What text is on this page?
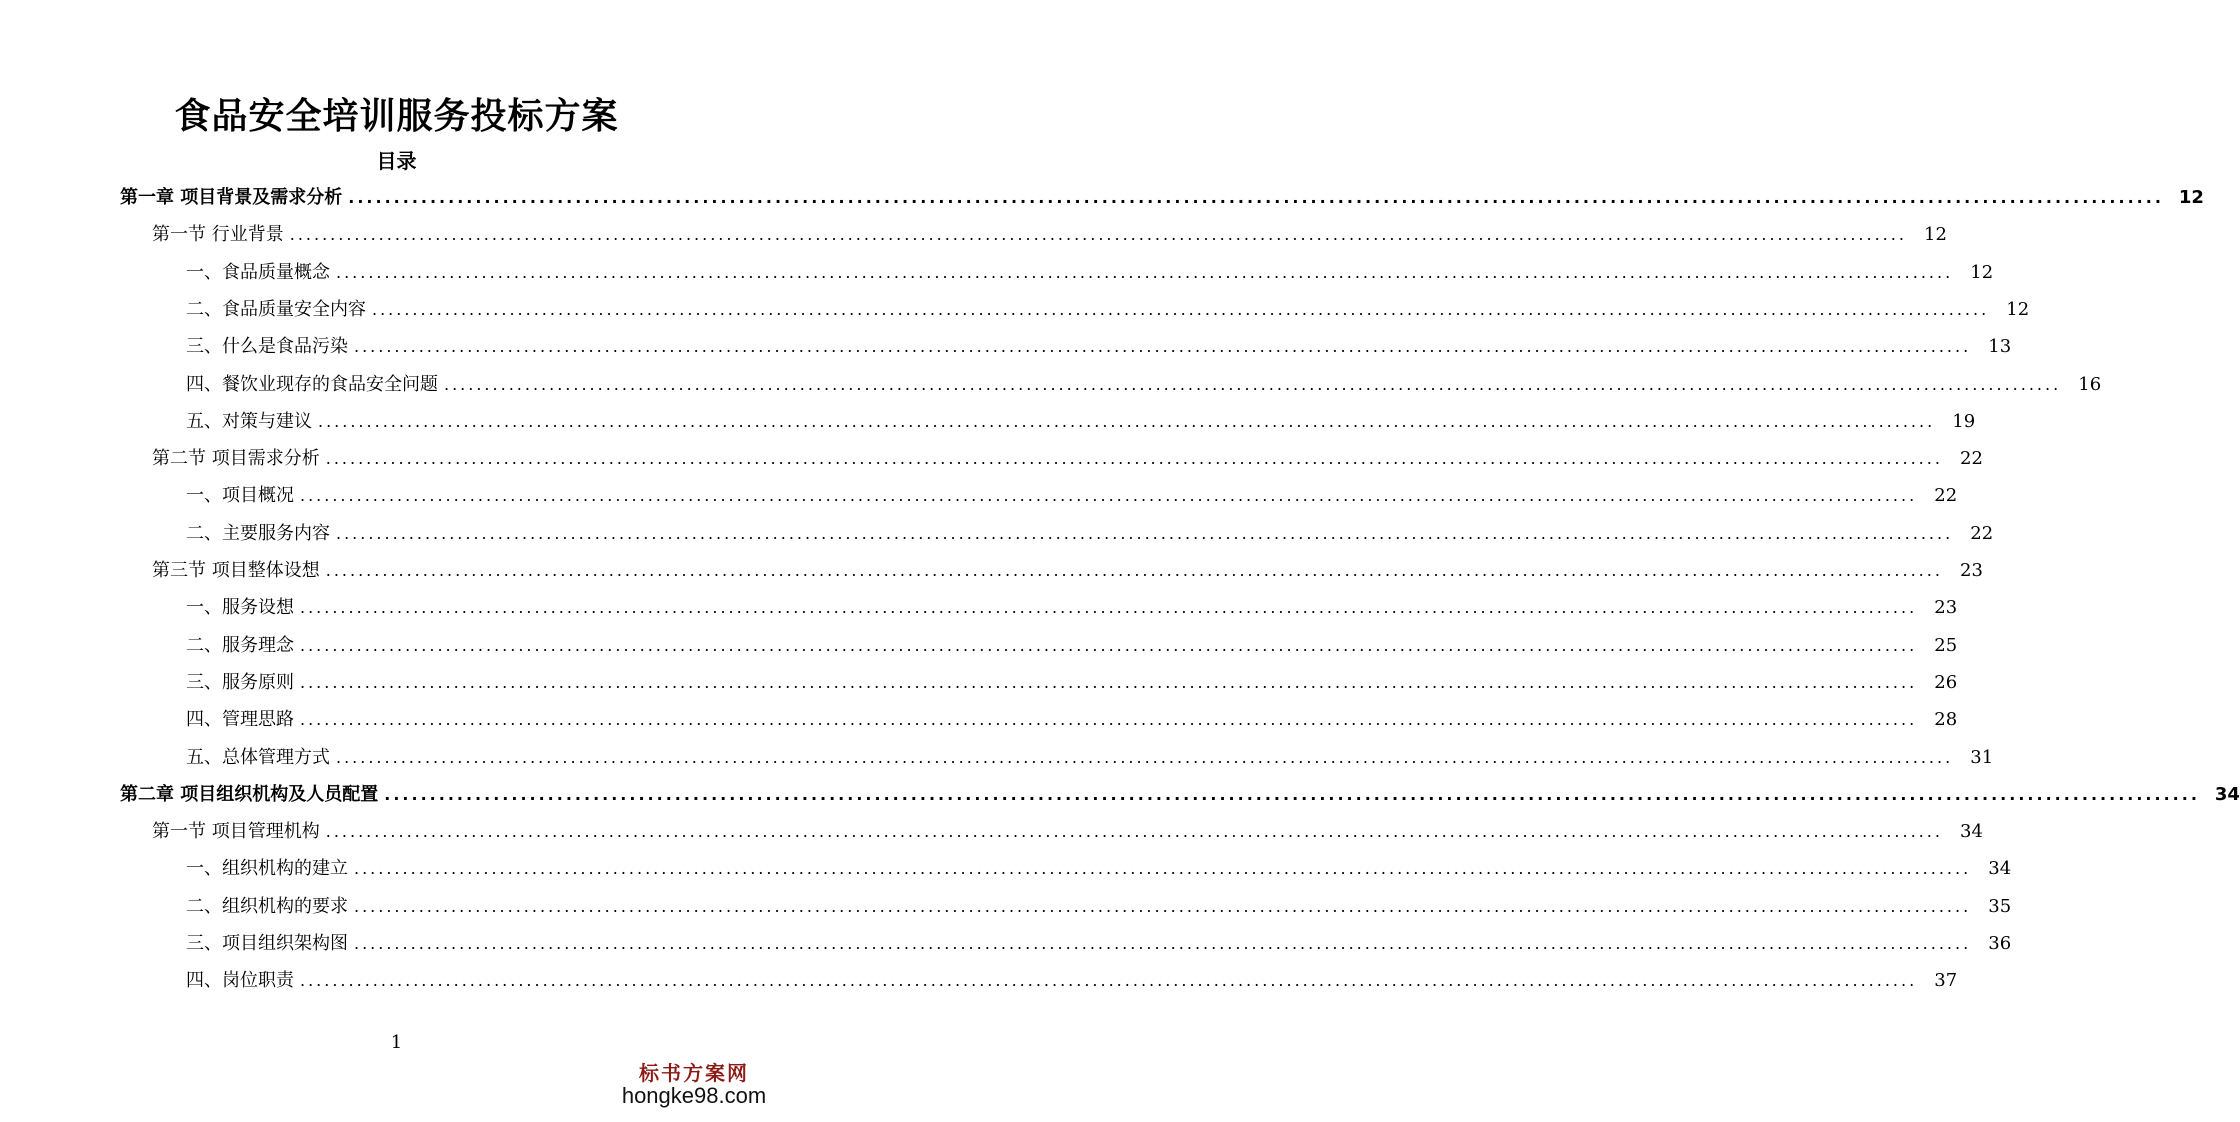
食品安全培训服务投标方案
目录
第一章 项目背景及需求分析 ........................................................................................................................................................................................................ 12
第一节 行业背景 ........................................................................................................................................................................................................ 12
一、食品质量概念 ........................................................................................................................................................................................................ 12
二、食品质量安全内容 ........................................................................................................................................................................................................ 12
三、什么是食品污染 ........................................................................................................................................................................................................ 13
四、餐饮业现存的食品安全问题 ........................................................................................................................................................................................................ 16
五、对策与建议 ........................................................................................................................................................................................................ 19
第二节 项目需求分析 ........................................................................................................................................................................................................ 22
一、项目概况 ........................................................................................................................................................................................................ 22
二、主要服务内容 ........................................................................................................................................................................................................ 22
第三节 项目整体设想 ........................................................................................................................................................................................................ 23
一、服务设想 ........................................................................................................................................................................................................ 23
二、服务理念 ........................................................................................................................................................................................................ 25
三、服务原则 ........................................................................................................................................................................................................ 26
四、管理思路 ........................................................................................................................................................................................................ 28
五、总体管理方式 ........................................................................................................................................................................................................ 31
第二章 项目组织机构及人员配置 ........................................................................................................................................................................................................ 34
第一节 项目管理机构 ........................................................................................................................................................................................................ 34
一、组织机构的建立 ........................................................................................................................................................................................................ 34
二、组织机构的要求 ........................................................................................................................................................................................................ 35
三、项目组织架构图 ........................................................................................................................................................................................................ 36
四、岗位职责 ........................................................................................................................................................................................................ 37
1
标书方案网
hongke98.com
